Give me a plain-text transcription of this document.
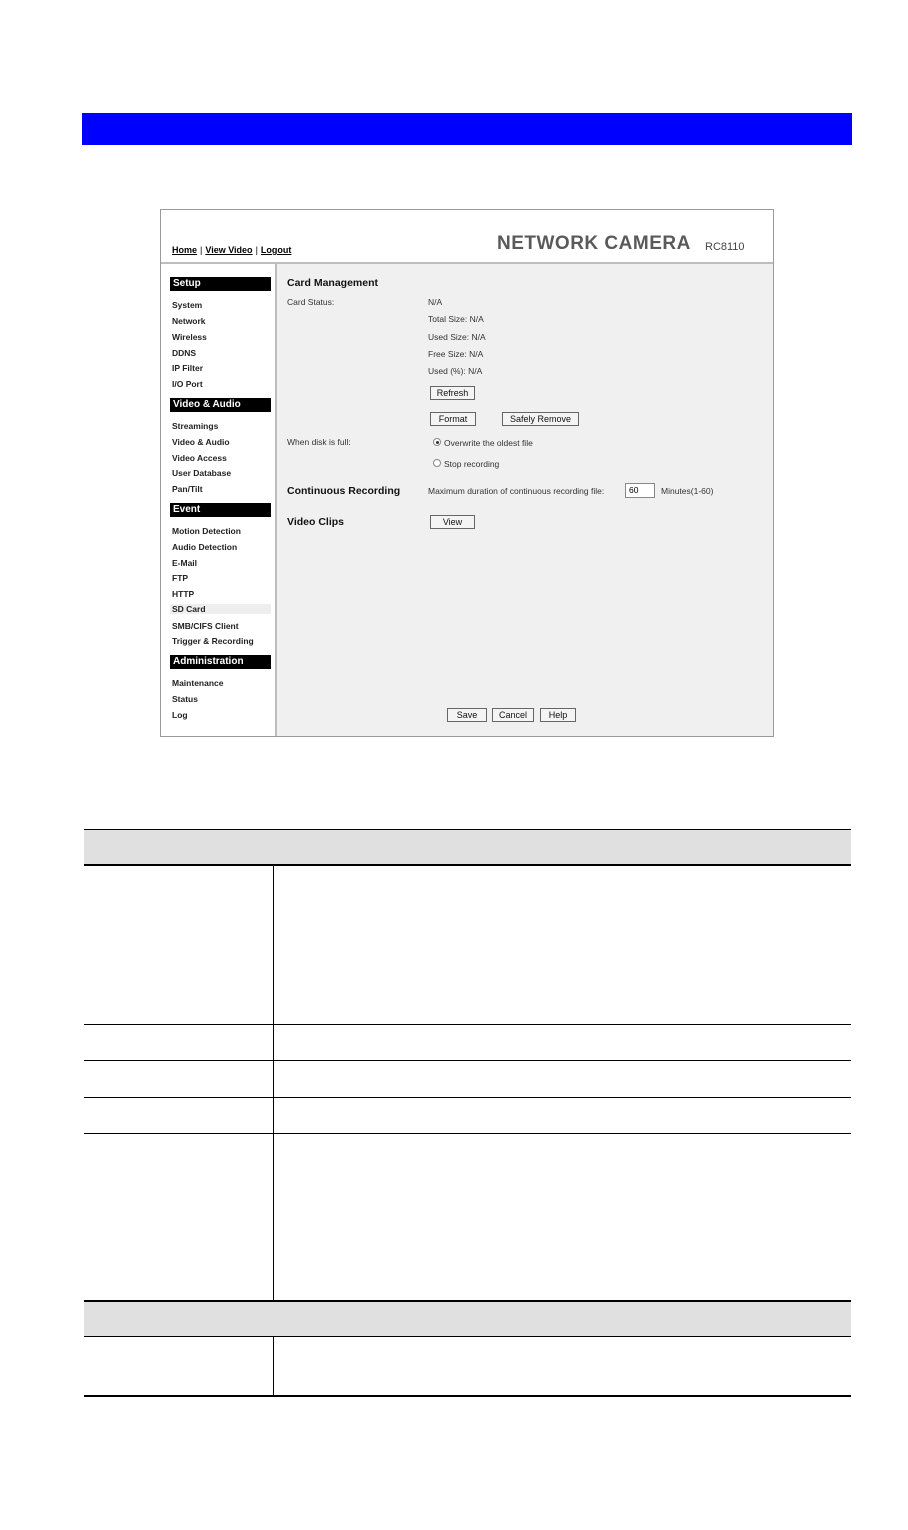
Home | View Video | Logout	NETWORK CAMERA RC8110
Setup
System
Network
Wireless
DDNS
IP Filter
I/O Port
Video & Audio
Streamings
Video & Audio
Video Access
User Database
Pan/Tilt
Event
Motion Detection
Audio Detection
E-Mail
FTP
HTTP
SD Card
SMB/CIFS Client
Trigger & Recording
Administration
Maintenance
Status
Log
Card Management
Card Status:	N/A
Total Size: N/A
Used Size: N/A
Free Size: N/A
Used (%): N/A
Refresh
Format	Safely Remove
When disk is full:	Overwrite the oldest file
Stop recording
Continuous Recording	Maximum duration of continuous recording file:	60	Minutes(1-60)
Video Clips	View
Save	Cancel	Help
